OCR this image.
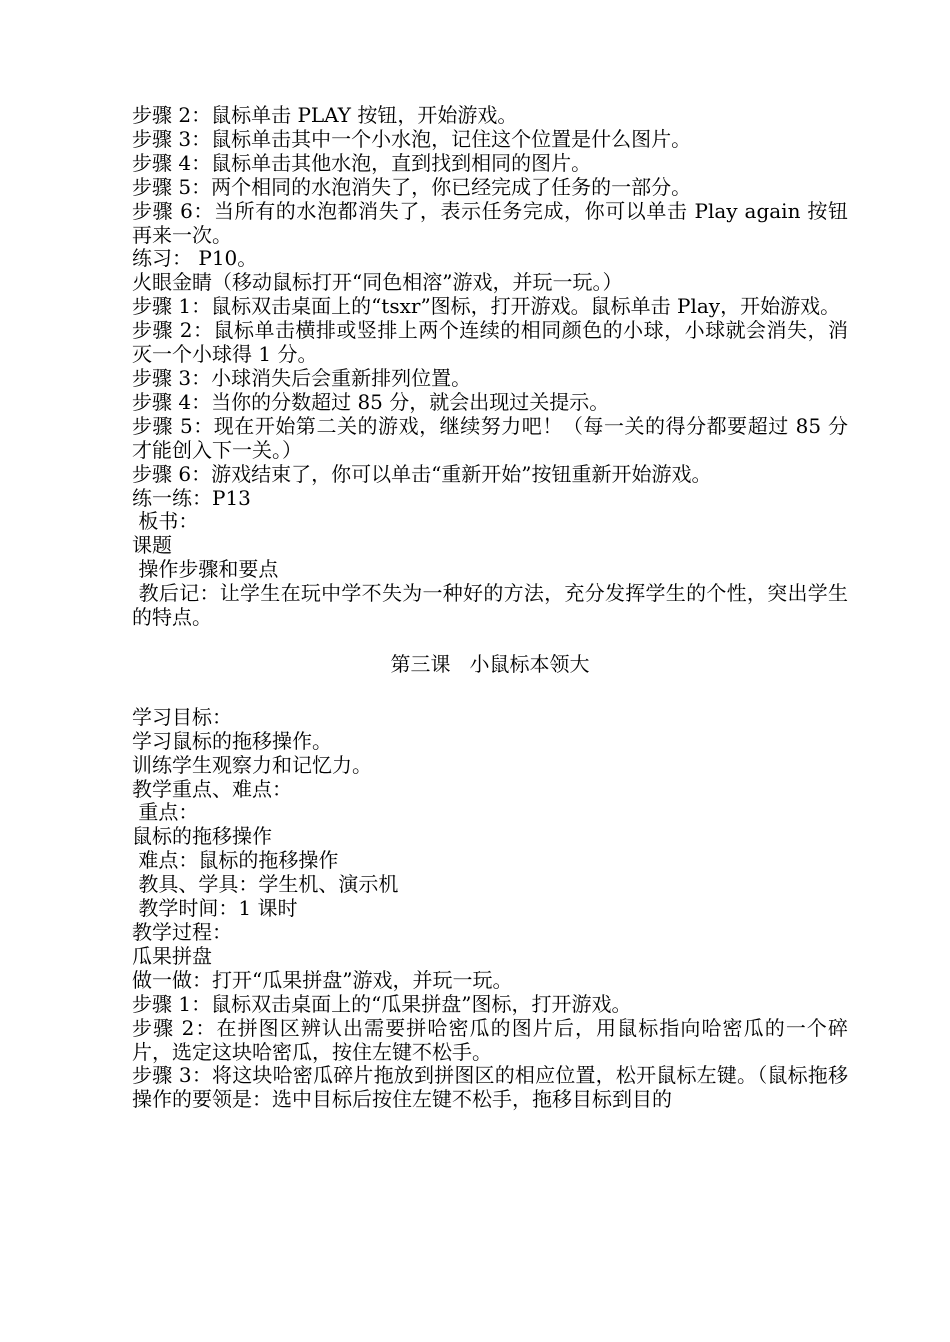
步骤 2：鼠标单击 PLAY 按钮，开始游戏。

步骤 3：鼠标单击其中一个小水泡，记住这个位置是什么图片。

步骤 4：鼠标单击其他水泡，直到找到相同的图片。

步骤 5：两个相同的水泡消失了，你已经完成了任务的一部分。

步骤 6：当所有的水泡都消失了，表示任务完成，你可以单击 Play again 按钮再来一次。

练习： P10。

火眼金睛（移动鼠标打开“同色相溶”游戏，并玩一玩。）

步骤 1：鼠标双击桌面上的“tsxr”图标，打开游戏。鼠标单击 Play，开始游戏。

步骤 2：鼠标单击横排或竖排上两个连续的相同颜色的小球，小球就会消失，消灭一个小球得 1 分。

步骤 3：小球消失后会重新排列位置。

步骤 4：当你的分数超过 85 分，就会出现过关提示。

步骤 5：现在开始第二关的游戏，继续努力吧！（每一关的得分都要超过 85 分才能创入下一关。）

步骤 6：游戏结束了，你可以单击“重新开始”按钮重新开始游戏。

练一练：P13

板书：

课题

操作步骤和要点

教后记：让学生在玩中学不失为一种好的方法，充分发挥学生的个性，突出学生的特点。

第三课   小鼠标本领大

学习目标：

学习鼠标的拖移操作。

训练学生观察力和记忆力。

教学重点、难点：

重点：

鼠标的拖移操作

难点：鼠标的拖移操作

教具、学具：学生机、演示机

教学时间：1 课时

教学过程：

瓜果拼盘

做一做：打开“瓜果拼盘”游戏，并玩一玩。

步骤 1：鼠标双击桌面上的“瓜果拼盘”图标，打开游戏。

步骤 2：在拼图区辨认出需要拼哈密瓜的图片后，用鼠标指向哈密瓜的一个碎片，选定这块哈密瓜，按住左键不松手。

步骤 3：将这块哈密瓜碎片拖放到拼图区的相应位置，松开鼠标左键。（鼠标拖移操作的要领是：选中目标后按住左键不松手，拖移目标到目的
